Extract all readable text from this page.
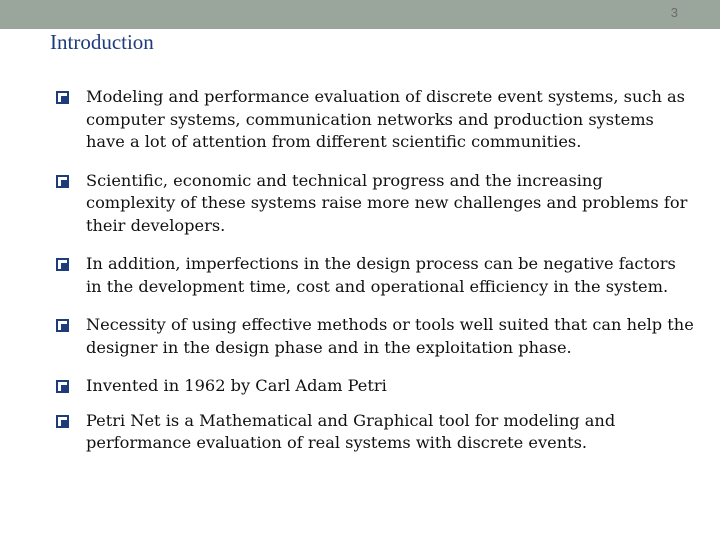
3
Introduction
Modeling and performance evaluation of discrete event systems, such as computer systems, communication networks and production systems have a lot of attention from different scientific communities.
Scientific, economic and technical progress and the increasing complexity of these systems raise more new challenges and problems for their developers.
In addition, imperfections in the design process can be negative factors in the development time, cost and operational efficiency in the system.
Necessity of using effective methods or tools well suited that can help the designer in the design phase and in the exploitation phase.
Invented in 1962 by Carl Adam Petri
Petri Net is a Mathematical and Graphical tool for modeling and performance evaluation of real systems with discrete events.
